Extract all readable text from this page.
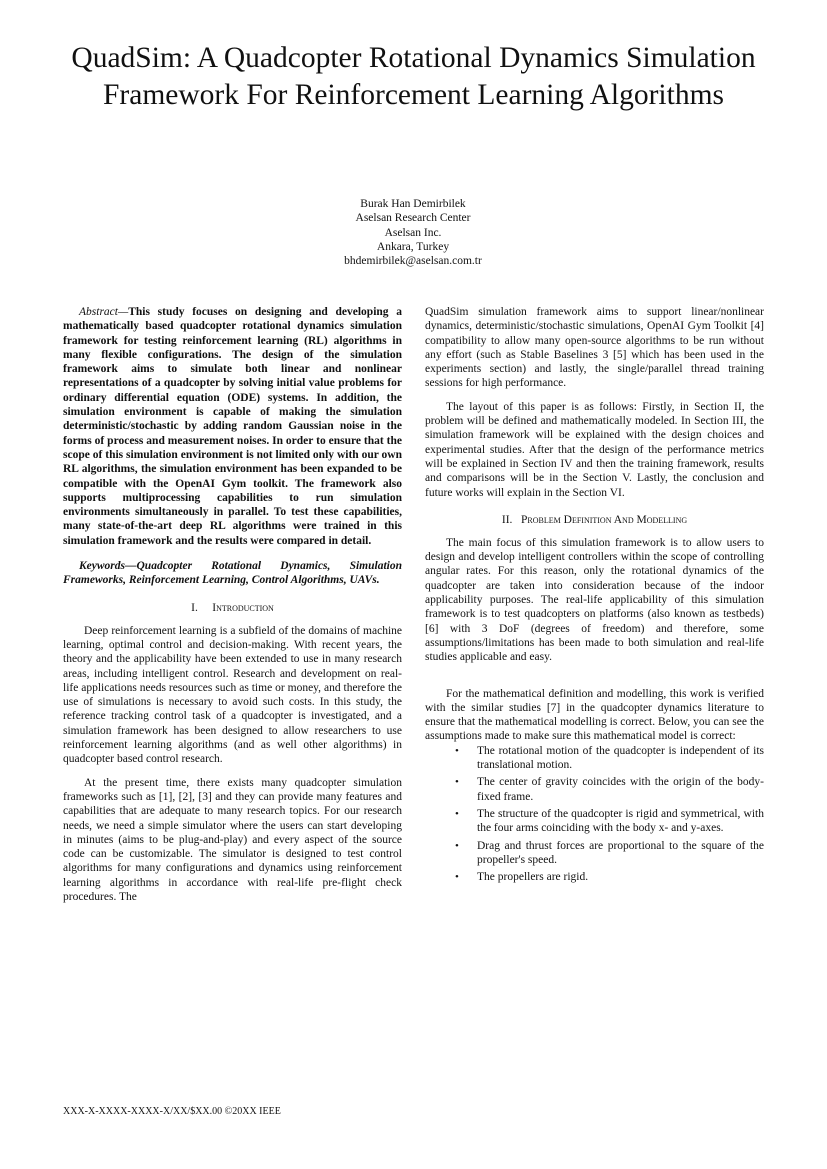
QuadSim: A Quadcopter Rotational Dynamics Simulation Framework For Reinforcement Learning Algorithms
Burak Han Demirbilek
Aselsan Research Center
Aselsan Inc.
Ankara, Turkey
bhdemirbilek@aselsan.com.tr

Abstract—This study focuses on designing and developing a mathematically based quadcopter rotational dynamics simulation framework for testing reinforcement learning (RL) algorithms in many flexible configurations. The design of the simulation framework aims to simulate both linear and nonlinear representations of a quadcopter by solving initial value problems for ordinary differential equation (ODE) systems. In addition, the simulation environment is capable of making the simulation deterministic/stochastic by adding random Gaussian noise in the forms of process and measurement noises. In order to ensure that the scope of this simulation environment is not limited only with our own RL algorithms, the simulation environment has been expanded to be compatible with the OpenAI Gym toolkit. The framework also supports multiprocessing capabilities to run simulation environments simultaneously in parallel. To test these capabilities, many state-of-the-art deep RL algorithms were trained in this simulation framework and the results were compared in detail.

Keywords—Quadcopter Rotational Dynamics, Simulation Frameworks, Reinforcement Learning, Control Algorithms, UAVs.

I. Introduction

Deep reinforcement learning is a subfield of the domains of machine learning, optimal control and decision-making. With recent years, the theory and the applicability have been extended to use in many research areas, including intelligent control. Research and development on real-life applications needs resources such as time or money, and therefore the use of simulations is necessary to avoid such costs. In this study, the reference tracking control task of a quadcopter is investigated, and a simulation framework has been designed to allow researchers to use reinforcement learning algorithms (and as well other algorithms) in quadcopter based control research.

At the present time, there exists many quadcopter simulation frameworks such as [1], [2], [3] and they can provide many features and capabilities that are adequate to many research topics. For our research needs, we need a simple simulator where the users can start developing in minutes (aims to be plug-and-play) and every aspect of the source code can be customizable. The simulator is designed to test control algorithms for many configurations and dynamics using reinforcement learning algorithms in accordance with real-life pre-flight check procedures. The

QuadSim simulation framework aims to support linear/nonlinear dynamics, deterministic/stochastic simulations, OpenAI Gym Toolkit [4] compatibility to allow many open-source algorithms to be run without any effort (such as Stable Baselines 3 [5] which has been used in the experiments section) and lastly, the single/parallel thread training sessions for high performance.

The layout of this paper is as follows: Firstly, in Section II, the problem will be defined and mathematically modeled. In Section III, the simulation framework will be explained with the design choices and experimental studies. After that the design of the performance metrics will be explained in Section IV and then the training framework, results and comparisons will be in the Section V. Lastly, the conclusion and future works will explain in the Section VI.

II. Problem Definition And Modelling

The main focus of this simulation framework is to allow users to design and develop intelligent controllers within the scope of controlling angular rates. For this reason, only the rotational dynamics of the quadcopter are taken into consideration because of the indoor applicability purposes. The real-life applicability of this simulation framework is to test quadcopters on platforms (also known as testbeds) [6] with 3 DoF (degrees of freedom) and therefore, some assumptions/limitations has been made to both simulation and real-life studies applicable and easy.

For the mathematical definition and modelling, this work is verified with the similar studies [7] in the quadcopter dynamics literature to ensure that the mathematical modelling is correct. Below, you can see the assumptions made to make sure this mathematical model is correct:

• The rotational motion of the quadcopter is independent of its translational motion.
• The center of gravity coincides with the origin of the body-fixed frame.
• The structure of the quadcopter is rigid and symmetrical, with the four arms coinciding with the body x- and y-axes.
• Drag and thrust forces are proportional to the square of the propeller's speed.
• The propellers are rigid.
XXX-X-XXXX-XXXX-X/XX/$XX.00 ©20XX IEEE
